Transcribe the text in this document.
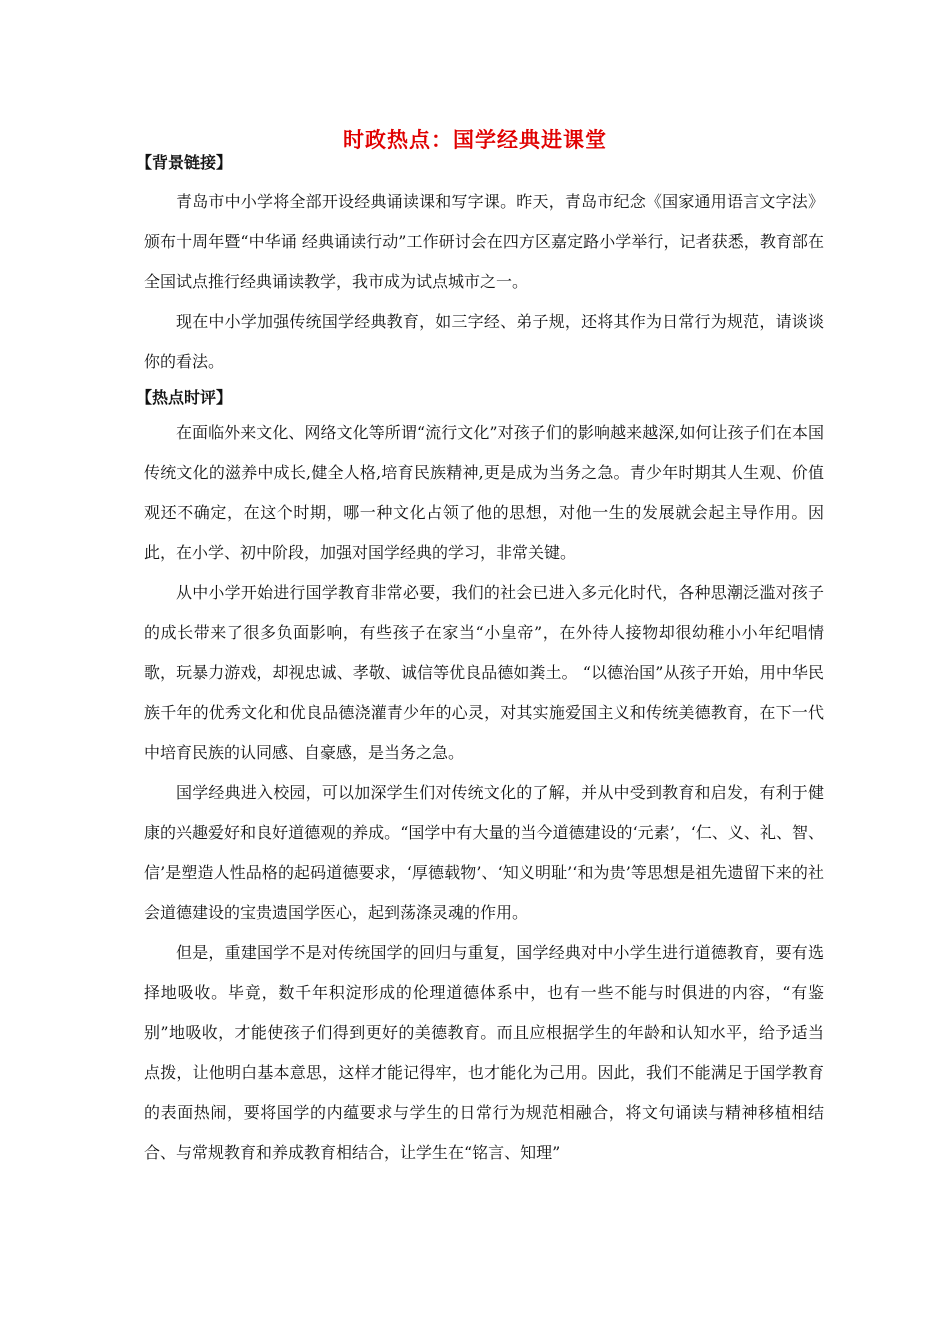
时政热点：国学经典进课堂
【背景链接】

青岛市中小学将全部开设经典诵读课和写字课。昨天，青岛市纪念《国家通用语言文字法》颁布十周年暨“中华诵 经典诵读行动”工作研讨会在四方区嘉定路小学举行，记者获悉，教育部在全国试点推行经典诵读教学，我市成为试点城市之一。

现在中小学加强传统国学经典教育，如三字经、弟子规，还将其作为日常行为规范，请谈谈你的看法。

【热点时评】

在面临外来文化、网络文化等所谓“流行文化”对孩子们的影响越来越深,如何让孩子们在本国传统文化的滋养中成长,健全人格,培育民族精神,更是成为当务之急。青少年时期其人生观、价值观还不确定，在这个时期，哪一种文化占领了他的思想，对他一生的发展就会起主导作用。因此，在小学、初中阶段，加强对国学经典的学习，非常关键。

从中小学开始进行国学教育非常必要，我们的社会已进入多元化时代，各种思潮泛滥对孩子的成长带来了很多负面影响，有些孩子在家当“小皇帝”，在外待人接物却很幼稚小小年纪唱情歌，玩暴力游戏，却视忠诚、孝敬、诚信等优良品德如粪土。 “以德治国”从孩子开始，用中华民族千年的优秀文化和优良品德浇灌青少年的心灵，对其实施爱国主义和传统美德教育，在下一代中培育民族的认同感、自豪感，是当务之急。

国学经典进入校园，可以加深学生们对传统文化的了解，并从中受到教育和启发，有利于健康的兴趣爱好和良好道德观的养成。“国学中有大量的当今道德建设的‘元素’，‘仁、义、礼、智、信’是塑造人性品格的起码道德要求，‘厚德载物’、‘知义明耻’‘和为贵’等思想是祖先遗留下来的社会道德建设的宝贵遗国学医心，起到荡涤灵魂的作用。

但是，重建国学不是对传统国学的回归与重复，国学经典对中小学生进行道德教育，要有选择地吸收。毕竟，数千年积淀形成的伦理道德体系中，也有一些不能与时俱进的内容，“有鉴别”地吸收，才能使孩子们得到更好的美德教育。而且应根据学生的年龄和认知水平，给予适当点拨，让他明白基本意思，这样才能记得牢，也才能化为己用。因此，我们不能满足于国学教育的表面热闹，要将国学的内蕴要求与学生的日常行为规范相融合，将文句诵读与精神移植相结合、与常规教育和养成教育相结合，让学生在“铭言、知理”
